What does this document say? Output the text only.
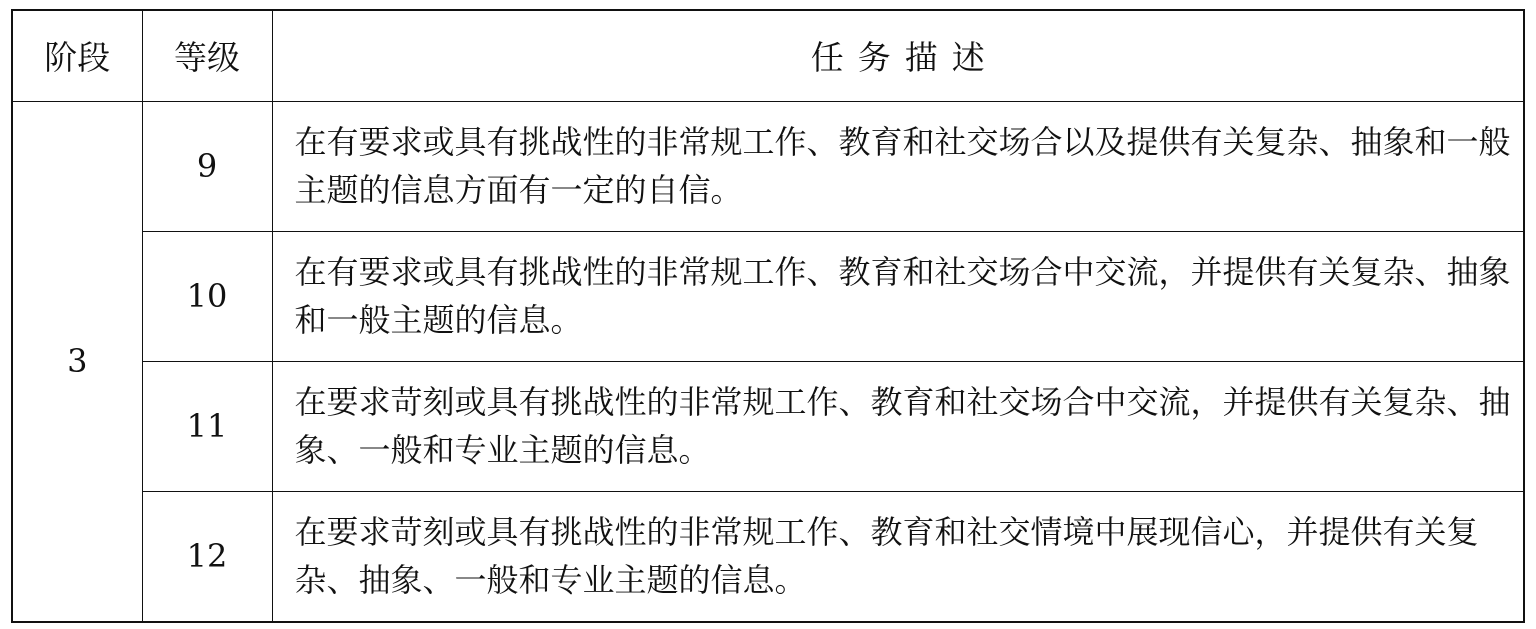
阶段	等级	任务描述
3	9	在有要求或具有挑战性的非常规工作、教育和社交场合以及提供有关复杂、抽象和一般主题的信息方面有一定的自信。
	10	在有要求或具有挑战性的非常规工作、教育和社交场合中交流，并提供有关复杂、抽象和一般主题的信息。
	11	在要求苛刻或具有挑战性的非常规工作、教育和社交场合中交流，并提供有关复杂、抽象、一般和专业主题的信息。
	12	在要求苛刻或具有挑战性的非常规工作、教育和社交情境中展现信心，并提供有关复杂、抽象、一般和专业主题的信息。
